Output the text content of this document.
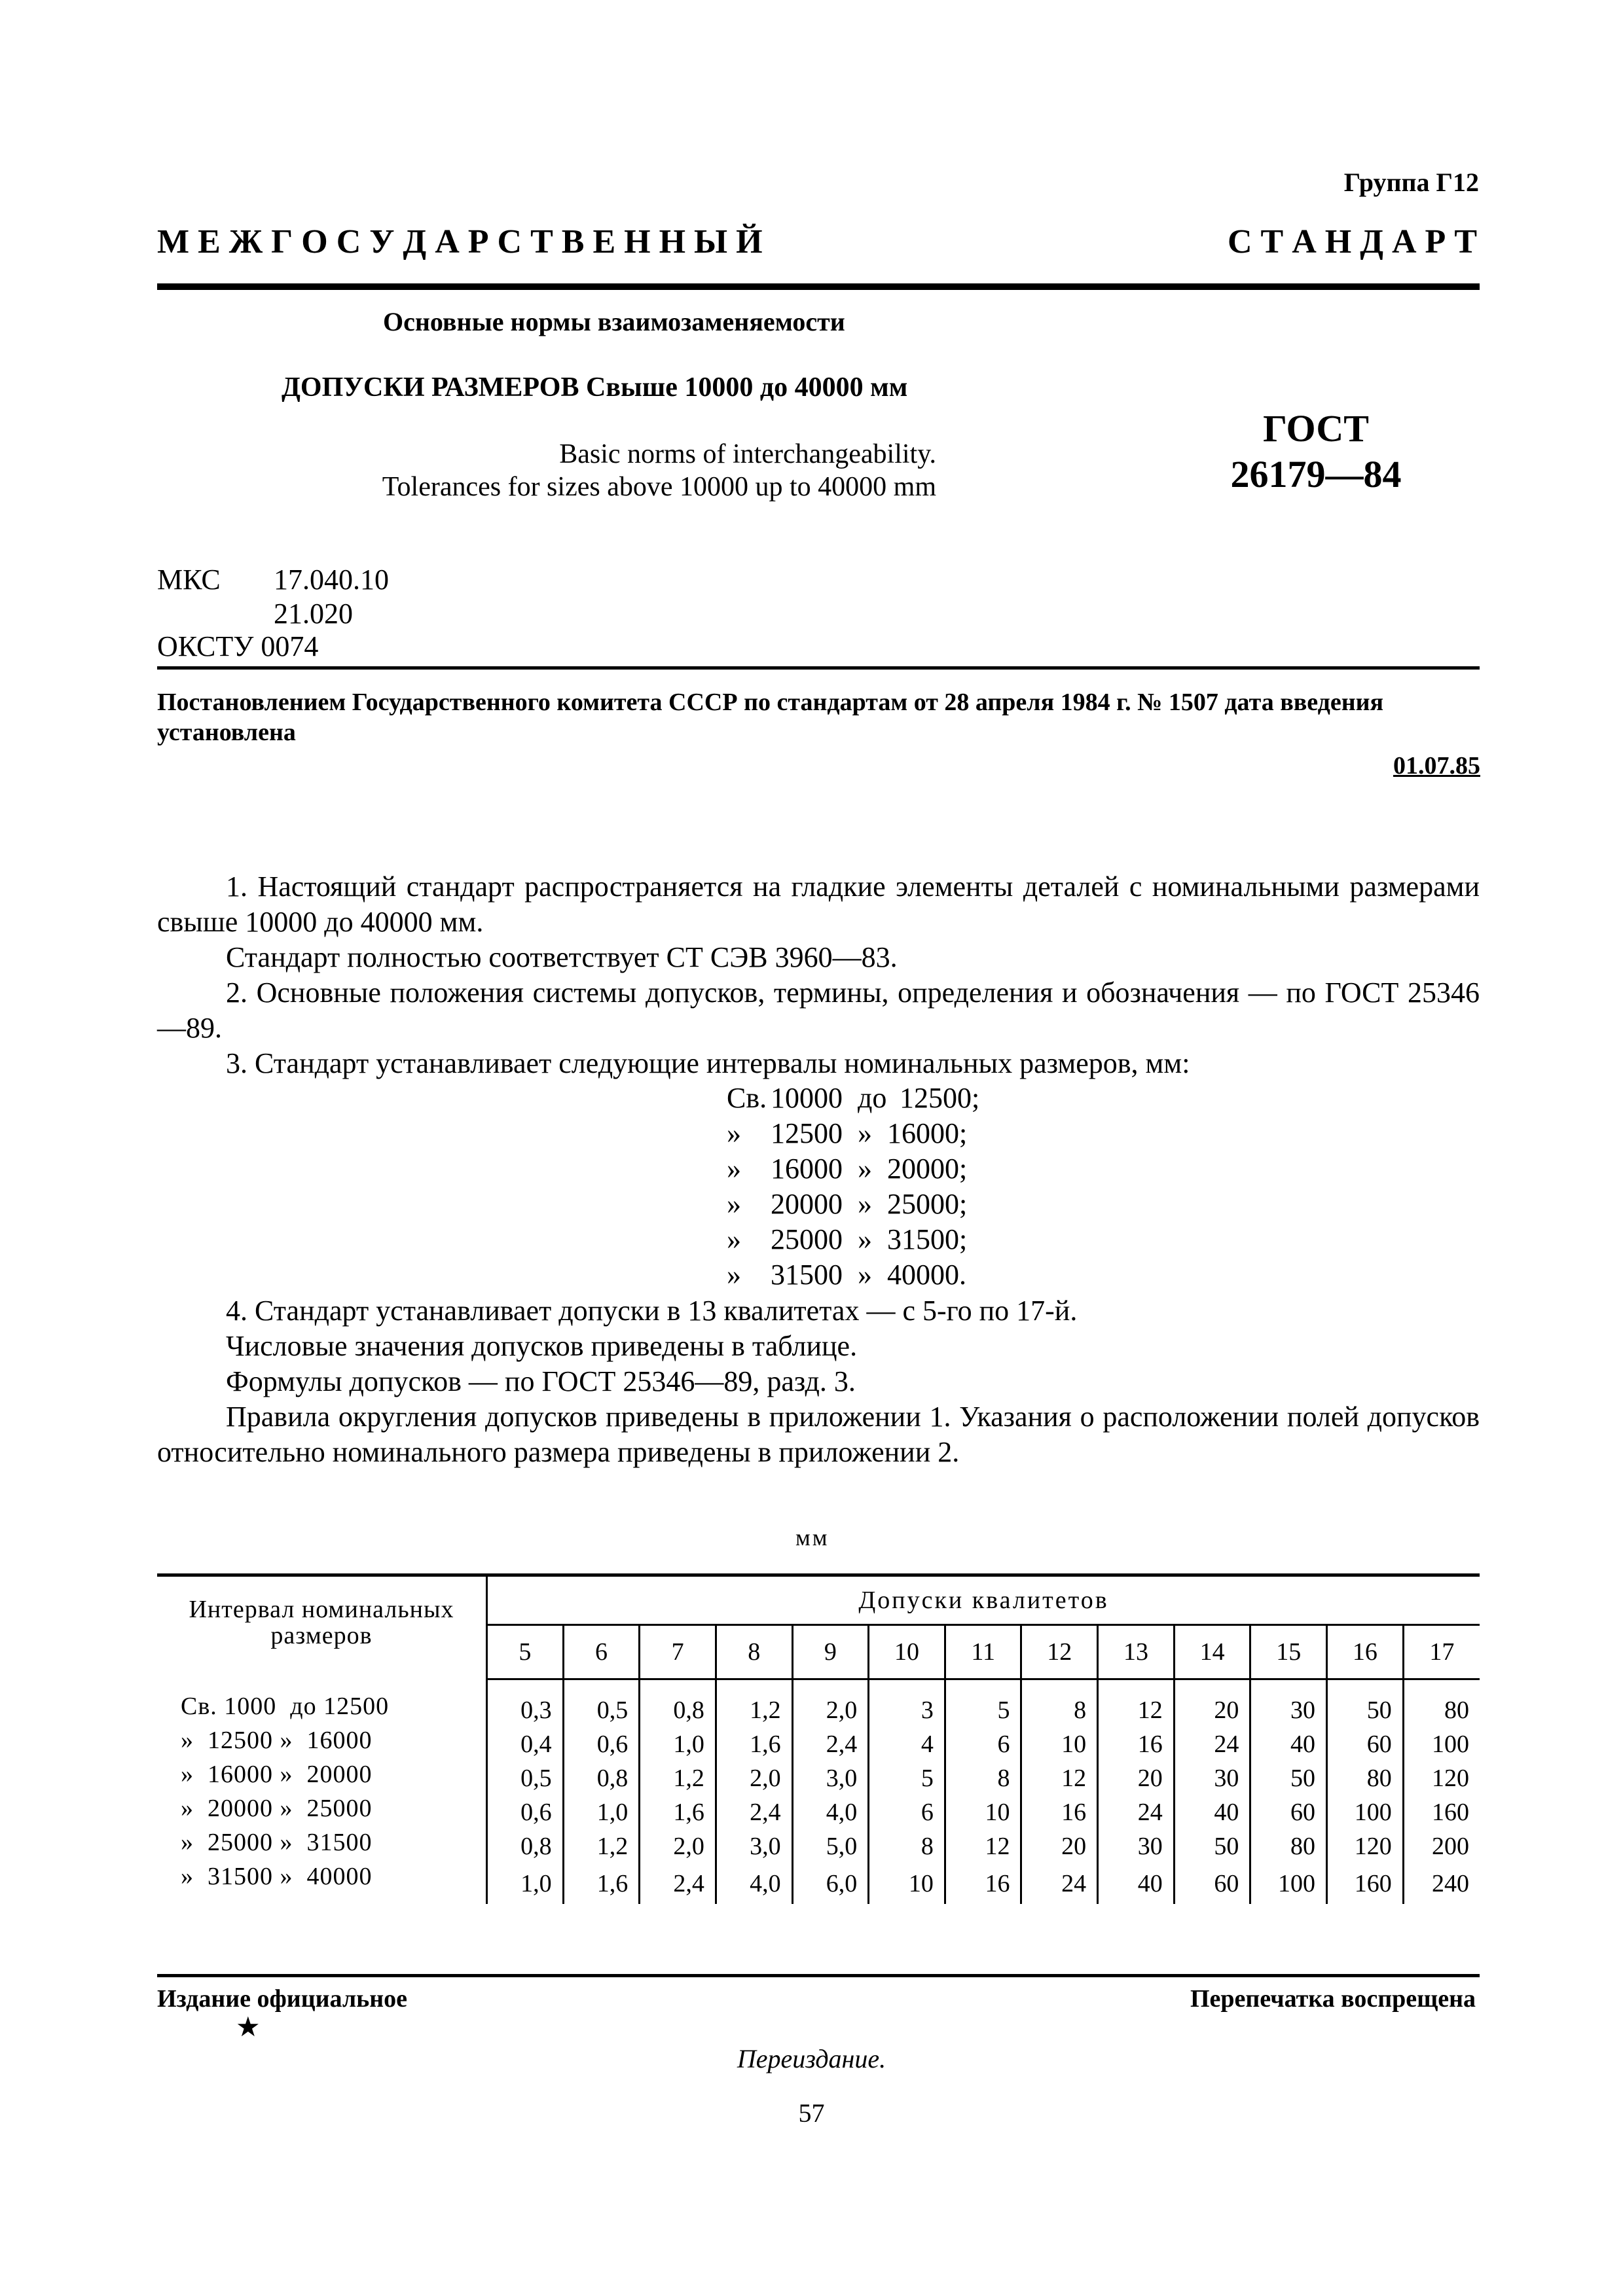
Группа Г12
М Е Ж Г О С У Д А Р С Т В Е Н Н Ы Й	С Т А Н Д А Р Т
Основные нормы взаимозаменяемости
ДОПУСКИ РАЗМЕРОВ Свыше 10000 до 40000 мм
Basic norms of interchangeability.
Tolerances for sizes above 10000 up to 40000 mm
ГОСТ
26179—84
МКС 17.040.10
21.020
ОКСТУ 0074
Постановлением Государственного комитета СССР по стандартам от 28 апреля 1984 г. № 1507 дата введения установлена
01.07.85
1. Настоящий стандарт распространяется на гладкие элементы деталей с номинальными размерами свыше 10000 до 40000 мм.
Стандарт полностью соответствует СТ СЭВ 3960—83.
2. Основные положения системы допусков, термины, определения и обозначения — по ГОСТ 25346—89.
3. Стандарт устанавливает следующие интервалы номинальных размеров, мм:
Св. 10000 до 12500;
» 12500 » 16000;
» 16000 » 20000;
» 20000 » 25000;
» 25000 » 31500;
» 31500 » 40000.
4. Стандарт устанавливает допуски в 13 квалитетах — с 5-го по 17-й.
Числовые значения допусков приведены в таблице.
Формулы допусков — по ГОСТ 25346—89, разд. 3.
Правила округления допусков приведены в приложении 1. Указания о расположении полей допусков относительно номинального размера приведены в приложении 2.
мм
Интервал номинальных размеров	Допуски квалитетов												
	5	6	7	8	9	10	11	12	13	14	15	16	17

Св. 1000  до 12500	0,3	0,5	0,8	1,2	2,0	3	5	8	12	20	30	50	80
»  12500 »  16000	0,4	0,6	1,0	1,6	2,4	4	6	10	16	24	40	60	100
»  16000 »  20000	0,5	0,8	1,2	2,0	3,0	5	8	12	20	30	50	80	120
»  20000 »  25000	0,6	1,0	1,6	2,4	4,0	6	10	16	24	40	60	100	160
»  25000 »  31500	0,8	1,2	2,0	3,0	5,0	8	12	20	30	50	80	120	200
»  31500 »  40000	1,0	1,6	2,4	4,0	6,0	10	16	24	40	60	100	160	240
Издание официальное
★
Перепечатка воспрещена
Переиздание.
57
